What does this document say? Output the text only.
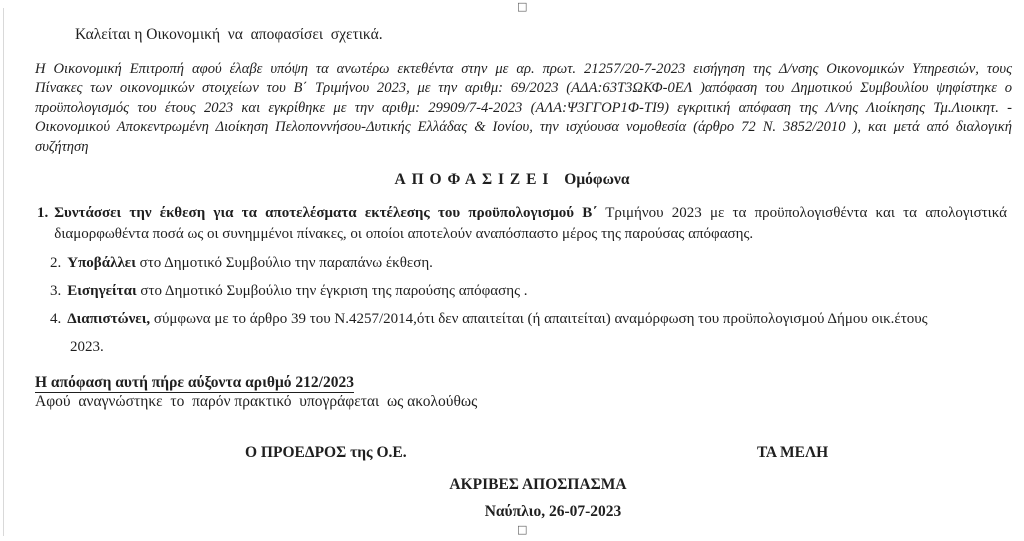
□
Καλείται η Οικονομική  να  αποφασίσει  σχετικά.
Η Οικονομική Επιτροπή αφού έλαβε υπόψη τα ανωτέρω εκτεθέντα στην με αρ. πρωτ. 21257/20-7-2023 εισήγηση της Δ/νσης Οικονομικών Υπηρεσιών, τους
Πίνακες των οικονομικών στοιχείων του Β΄ Τριμήνου 2023, με την αριθμ: 69/2023 (ΑΔΑ:63Τ3ΩΚΦ-0ΕΛ )απόφαση του Δημοτικού Συμβουλίου ψηφίστηκε ο
προϋπολογισμός του έτους 2023 και εγκρίθηκε με την αριθμ: 29909/7-4-2023 (ΑΛΑ:Ψ3ΓΓΟΡ1Φ-ΤΙ9) εγκριτική απόφαση της Λ/νης Λιοίκησης Τμ.Λιοικητ. -
Οικονομικού Αποκεντρωμένη Διοίκηση Πελοποννήσου-Δυτικής Ελλάδας & Ιονίου, την ισχύουσα νομοθεσία (άρθρο 72 Ν. 3852/2010 ), και μετά από διαλογική
συζήτηση
ΑΠΟΦΑΣΙΖΕΙ Ομόφωνα
1. Συντάσσει την έκθεση για τα αποτελέσματα εκτέλεσης του προϋπολογισμού Β΄ Τριμήνου 2023 με τα προϋπολογισθέντα και τα απολογιστικά διαμορφωθέντα ποσά ως οι συνημμένοι πίνακες, οι οποίοι αποτελούν αναπόσπαστο μέρος της παρούσας απόφασης.
2. Υποβάλλει στο Δημοτικό Συμβούλιο την παραπάνω έκθεση.
3. Εισηγείται στο Δημοτικό Συμβούλιο την έγκριση της παρούσης απόφασης .
4. Διαπιστώνει, σύμφωνα με το άρθρο 39 του Ν.4257/2014,ότι δεν απαιτείται (ή απαιτείται) αναμόρφωση του προϋπολογισμού Δήμου οικ.έτους
2023.
Η απόφαση αυτή πήρε αύξοντα αριθμό 212/2023
Αφού  αναγνώστηκε  το  παρόν πρακτικό  υπογράφεται  ως ακολούθως
Ο ΠΡΟΕΔΡΟΣ της Ο.Ε.	ΤΑ ΜΕΛΗ
ΑΚΡΙΒΕΣ ΑΠΟΣΠΑΣΜΑ
Ναύπλιο, 26-07-2023
□
